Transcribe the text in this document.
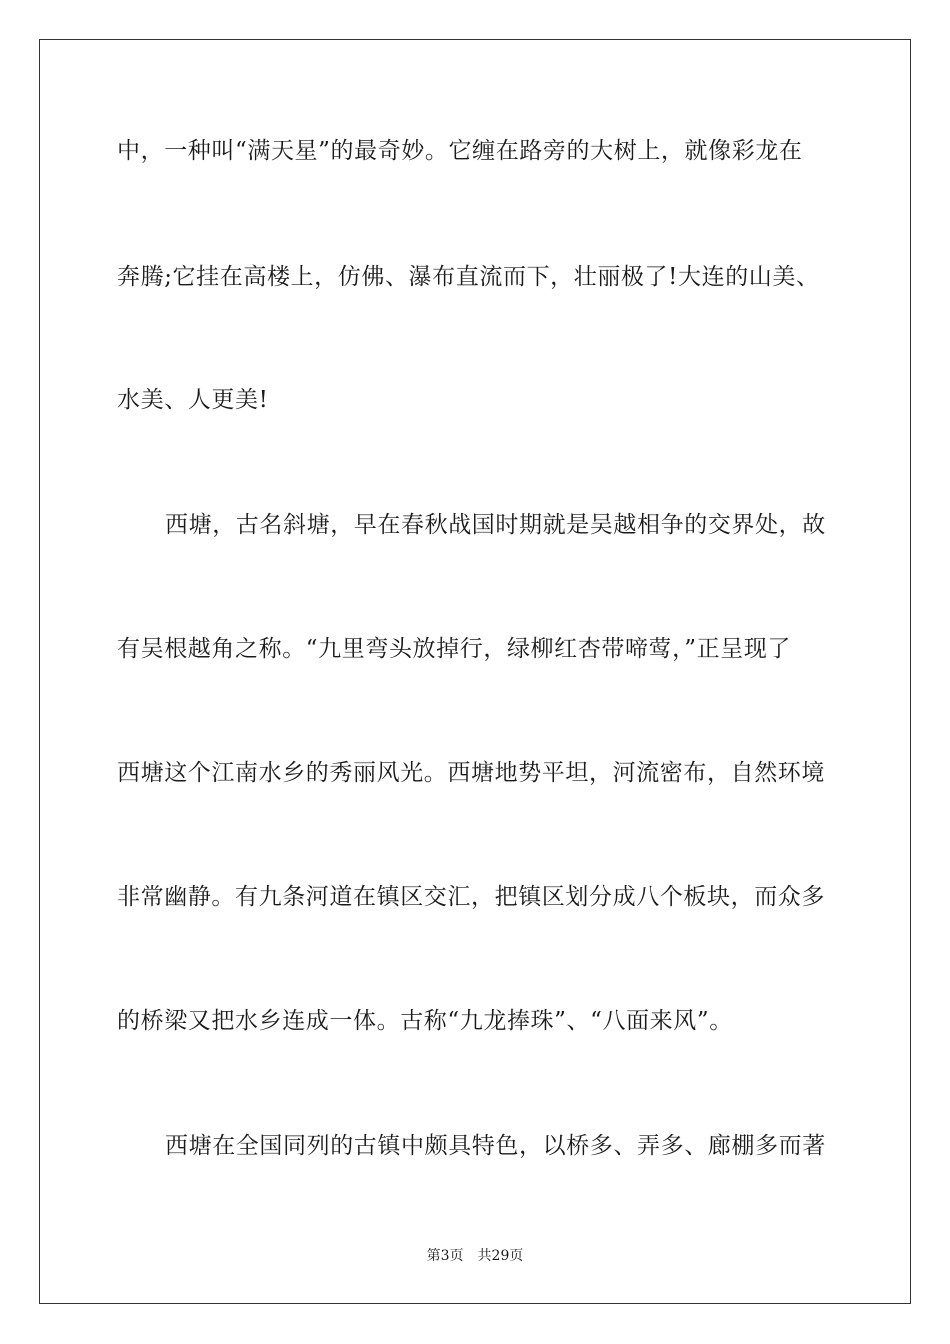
中，一种叫“满天星”的最奇妙。它缠在路旁的大树上，就像彩龙在
奔腾;它挂在高楼上，仿佛、瀑布直流而下，壮丽极了!大连的山美、
水美、人更美!
西塘，古名斜塘，早在春秋战国时期就是吴越相争的交界处，故
有吴根越角之称。“九里弯头放掉行，绿柳红杏带啼莺，”正呈现了
西塘这个江南水乡的秀丽风光。西塘地势平坦，河流密布，自然环境
非常幽静。有九条河道在镇区交汇，把镇区划分成八个板块，而众多
的桥梁又把水乡连成一体。古称“九龙捧珠”、“八面来风”。
西塘在全国同列的古镇中颇具特色，以桥多、弄多、廊棚多而著
第3页 共29页
